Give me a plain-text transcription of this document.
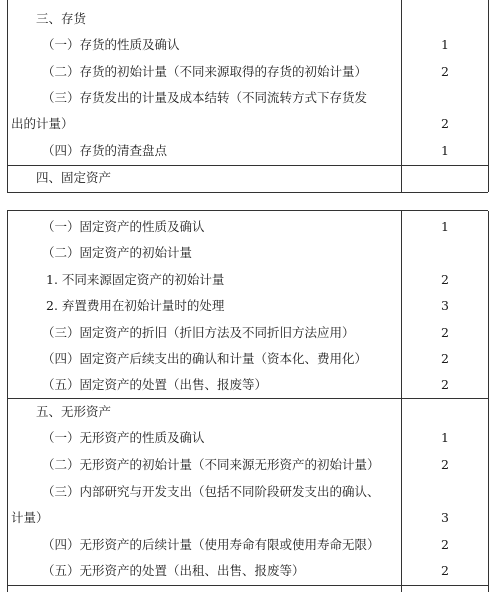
三、存货
（一）存货的性质及确认	1
（二）存货的初始计量（不同来源取得的存货的初始计量）	2
（三）存货发出的计量及成本结转（不同流转方式下存货发
出的计量）	2
（四）存货的清查盘点	1
四、固定资产
（一）固定资产的性质及确认	1
（二）固定资产的初始计量
1. 不同来源固定资产的初始计量	2
2. 弃置费用在初始计量时的处理	3
（三）固定资产的折旧（折旧方法及不同折旧方法应用）	2
（四）固定资产后续支出的确认和计量（资本化、费用化）	2
（五）固定资产的处置（出售、报废等）	2
五、无形资产
（一）无形资产的性质及确认	1
（二）无形资产的初始计量（不同来源无形资产的初始计量）	2
（三）内部研究与开发支出（包括不同阶段研发支出的确认、
计量）	3
（四）无形资产的后续计量（使用寿命有限或使用寿命无限）	2
（五）无形资产的处置（出租、出售、报废等）	2
